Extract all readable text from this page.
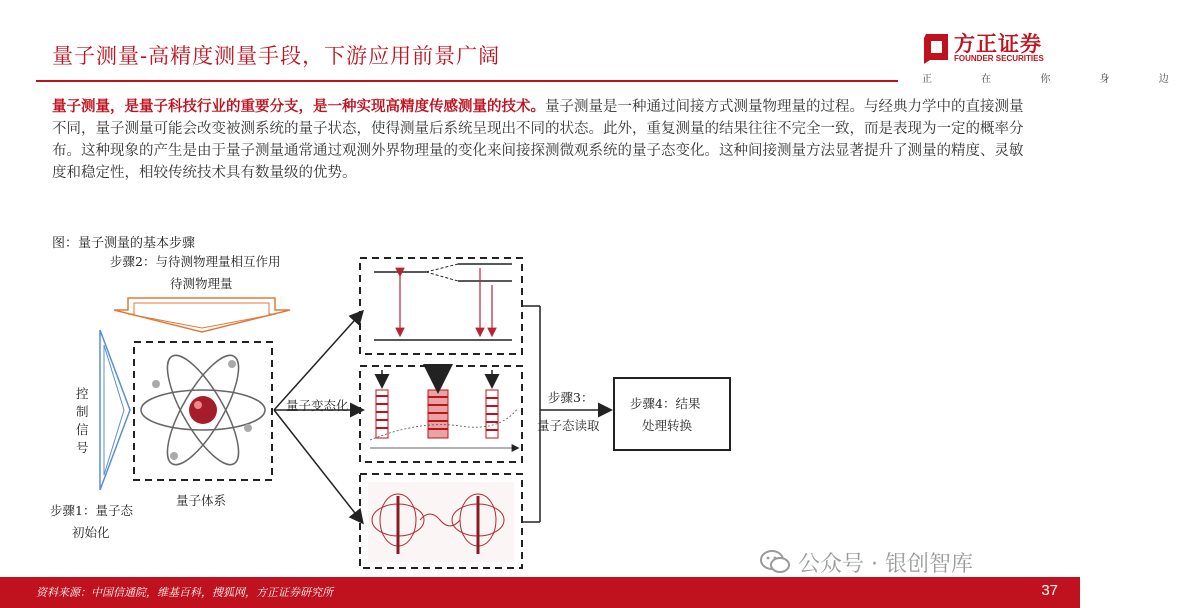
量子测量-高精度测量手段，下游应用前景广阔	方正证券
FOUNDER SECURITIES
正 在 你 身 边
量子测量，是量子科技行业的重要分支，是一种实现高精度传感测量的技术。量子测量是一种通过间接方式测量物理量的过程。与经典力学中的直接测量不同，量子测量可能会改变被测系统的量子状态，使得测量后系统呈现出不同的状态。此外，重复测量的结果往往不完全一致，而是表现为一定的概率分布。这种现象的产生是由于量子测量通常通过观测外界物理量的变化来间接探测微观系统的量子态变化。这种间接测量方法显著提升了测量的精度、灵敏度和稳定性，相较传统技术具有数量级的优势。
图：量子测量的基本步骤
步骤2：与待测物理量相互作用
待测物理量
控
制
信
号
量子体系
步骤1：量子态
初始化
量子变态化
步骤3：
量子态读取
步骤4：结果
处理转换
公众号 · 银创智库
资料来源：中国信通院，维基百科，搜狐网，方正证券研究所	37
